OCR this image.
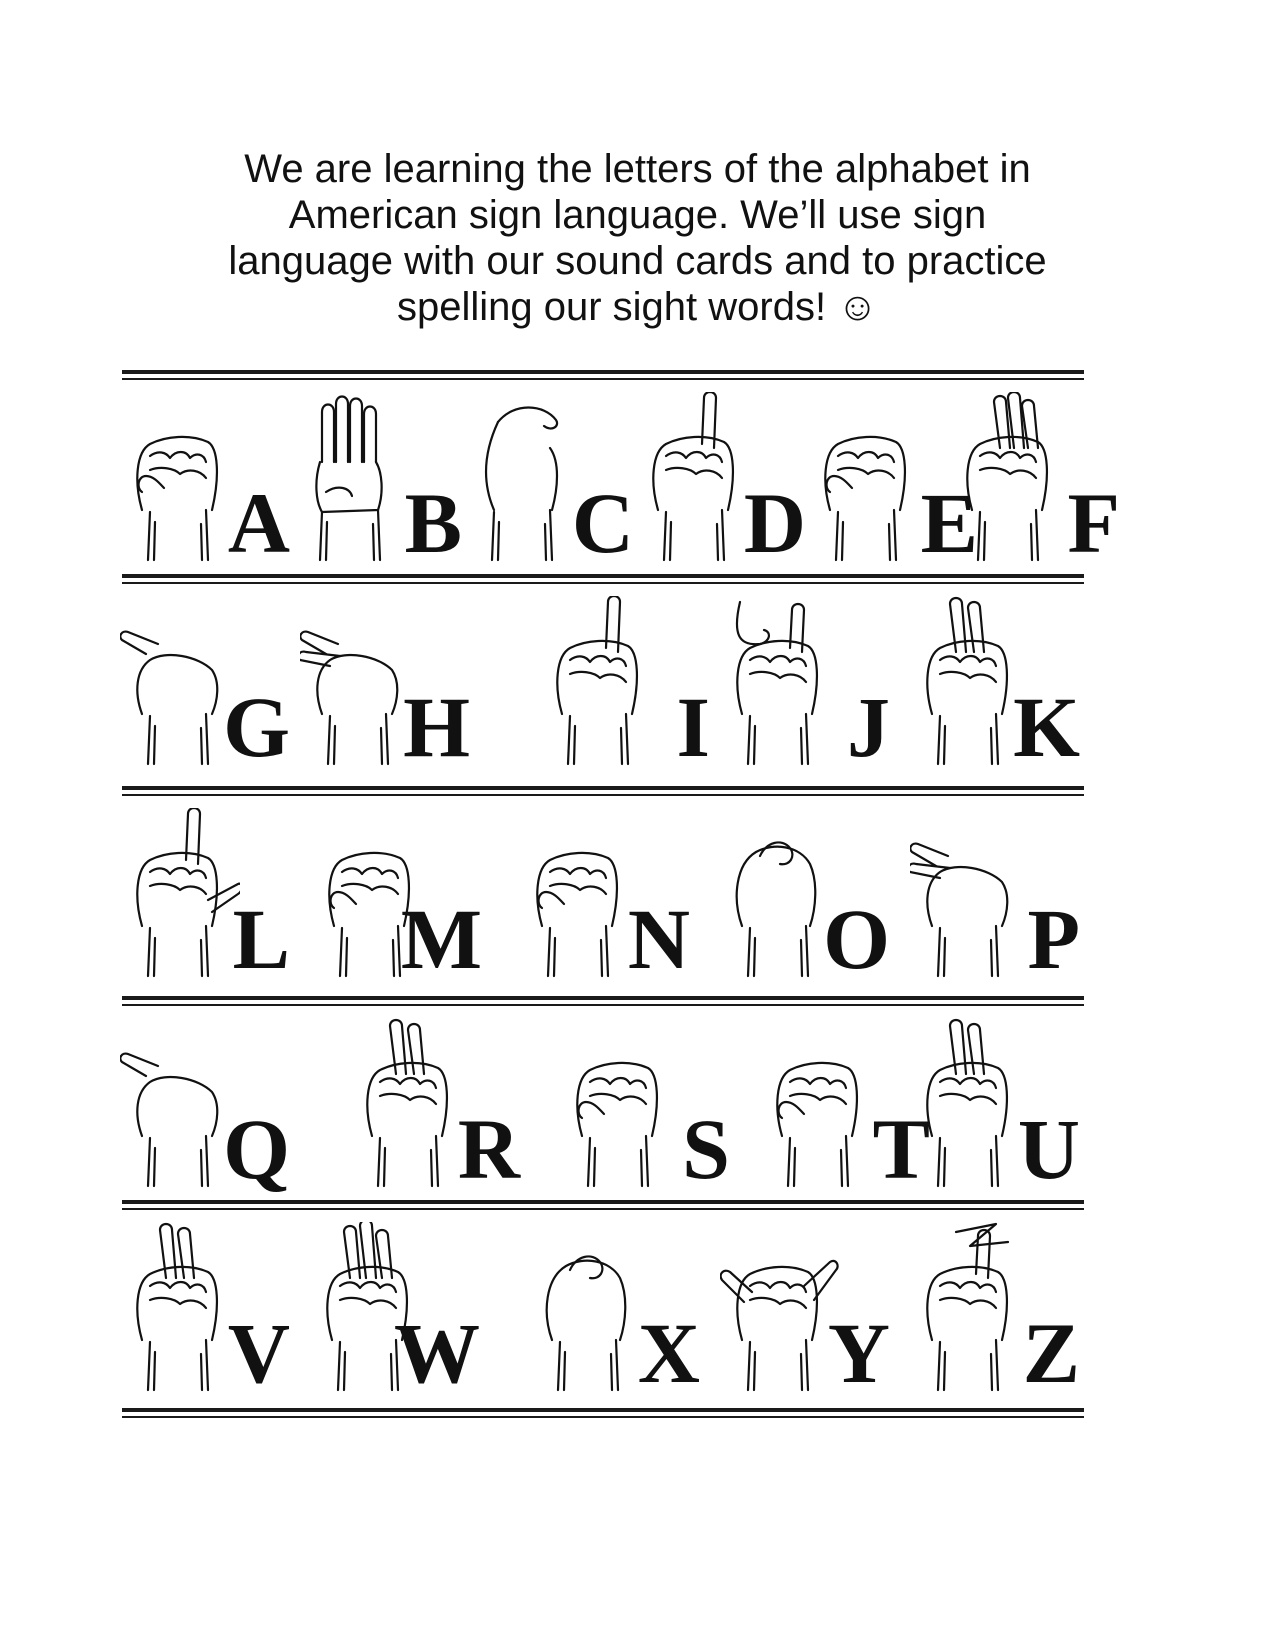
We are learning the letters of the alphabet in
American sign language. We’ll use sign
language with our sound cards and to practice
spelling our sight words! ☺
A B C D E F
G H I J K
L M N O P
Q R S T U
V W X Y Z
